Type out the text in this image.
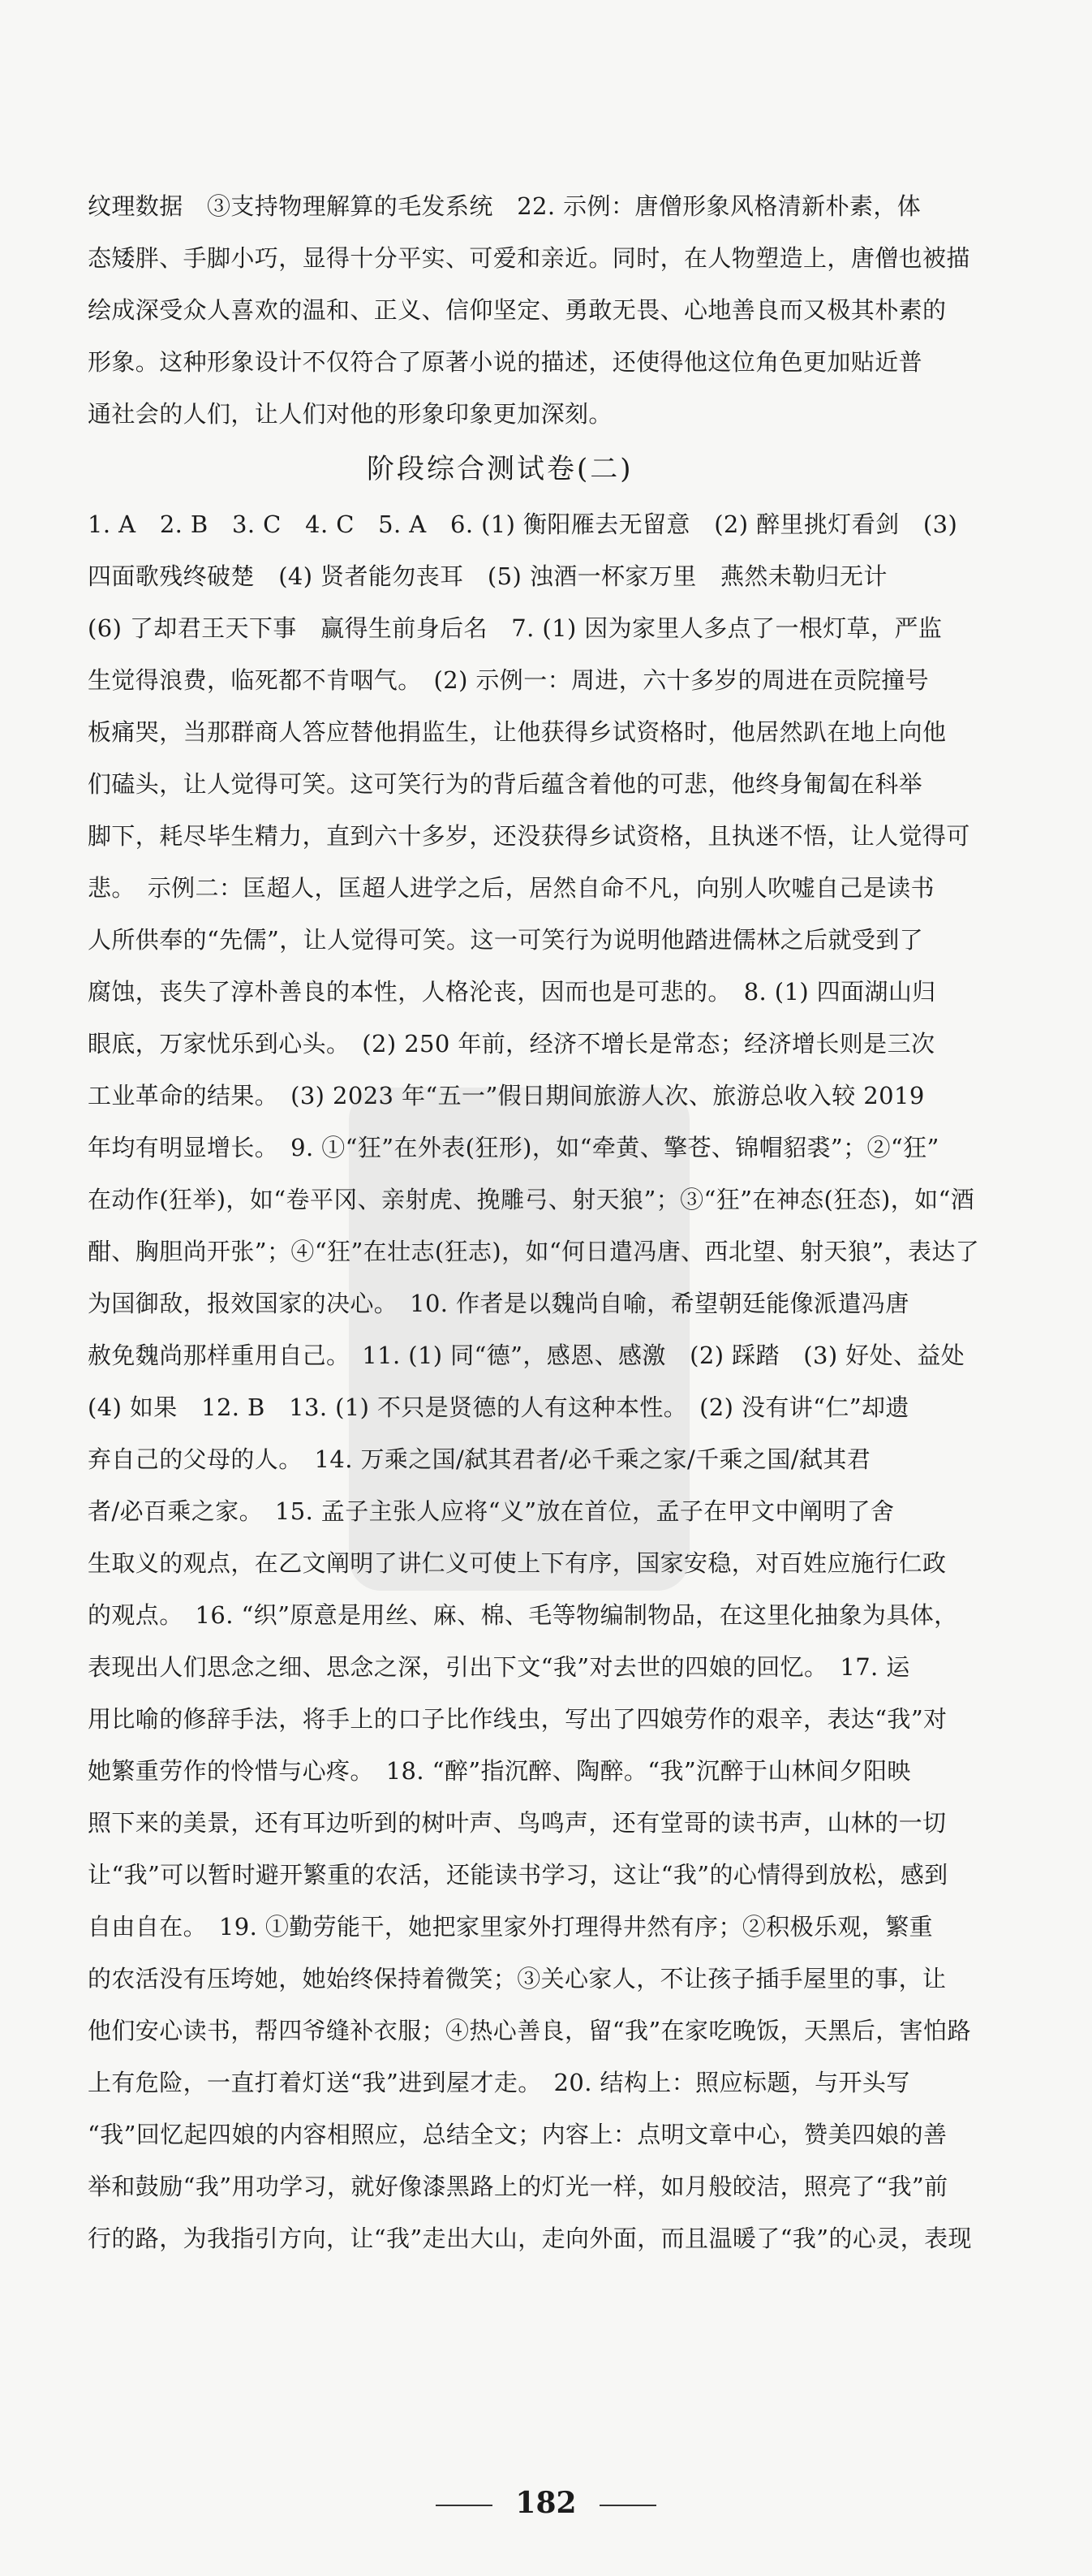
纹理数据　③支持物理解算的毛发系统　22. 示例：唐僧形象风格清新朴素，体
态矮胖、手脚小巧，显得十分平实、可爱和亲近。同时，在人物塑造上，唐僧也被描
绘成深受众人喜欢的温和、正义、信仰坚定、勇敢无畏、心地善良而又极其朴素的
形象。这种形象设计不仅符合了原著小说的描述，还使得他这位角色更加贴近普
通社会的人们，让人们对他的形象印象更加深刻。
阶段综合测试卷(二)
1. A　2. B　3. C　4. C　5. A　6. (1) 衡阳雁去无留意　(2) 醉里挑灯看剑　(3)
四面歌残终破楚　(4) 贤者能勿丧耳　(5) 浊酒一杯家万里　燕然未勒归无计
(6) 了却君王天下事　赢得生前身后名　7. (1) 因为家里人多点了一根灯草，严监
生觉得浪费，临死都不肯咽气。　(2) 示例一：周进，六十多岁的周进在贡院撞号
板痛哭，当那群商人答应替他捐监生，让他获得乡试资格时，他居然趴在地上向他
们磕头，让人觉得可笑。这可笑行为的背后蕴含着他的可悲，他终身匍匐在科举
脚下，耗尽毕生精力，直到六十多岁，还没获得乡试资格，且执迷不悟，让人觉得可
悲。　示例二：匡超人，匡超人进学之后，居然自命不凡，向别人吹嘘自己是读书
人所供奉的“先儒”，让人觉得可笑。这一可笑行为说明他踏进儒林之后就受到了
腐蚀，丧失了淳朴善良的本性，人格沦丧，因而也是可悲的。　8. (1) 四面湖山归
眼底，万家忧乐到心头。　(2) 250 年前，经济不增长是常态；经济增长则是三次
工业革命的结果。　(3) 2023 年“五一”假日期间旅游人次、旅游总收入较 2019
年均有明显增长。　9. ①“狂”在外表(狂形)，如“牵黄、擎苍、锦帽貂裘”；②“狂”
在动作(狂举)，如“卷平冈、亲射虎、挽雕弓、射天狼”；③“狂”在神态(狂态)，如“酒
酣、胸胆尚开张”；④“狂”在壮志(狂志)，如“何日遣冯唐、西北望、射天狼”，表达了
为国御敌，报效国家的决心。　10. 作者是以魏尚自喻，希望朝廷能像派遣冯唐
赦免魏尚那样重用自己。　11. (1) 同“德”，感恩、感激　(2) 踩踏　(3) 好处、益处
(4) 如果　12. B　13. (1) 不只是贤德的人有这种本性。　(2) 没有讲“仁”却遗
弃自己的父母的人。　14. 万乘之国/弑其君者/必千乘之家/千乘之国/弑其君
者/必百乘之家。　15. 孟子主张人应将“义”放在首位，孟子在甲文中阐明了舍
生取义的观点，在乙文阐明了讲仁义可使上下有序，国家安稳，对百姓应施行仁政
的观点。　16. “织”原意是用丝、麻、棉、毛等物编制物品，在这里化抽象为具体，
表现出人们思念之细、思念之深，引出下文“我”对去世的四娘的回忆。　17. 运
用比喻的修辞手法，将手上的口子比作线虫，写出了四娘劳作的艰辛，表达“我”对
她繁重劳作的怜惜与心疼。　18. “醉”指沉醉、陶醉。“我”沉醉于山林间夕阳映
照下来的美景，还有耳边听到的树叶声、鸟鸣声，还有堂哥的读书声，山林的一切
让“我”可以暂时避开繁重的农活，还能读书学习，这让“我”的心情得到放松，感到
自由自在。　19. ①勤劳能干，她把家里家外打理得井然有序；②积极乐观，繁重
的农活没有压垮她，她始终保持着微笑；③关心家人，不让孩子插手屋里的事，让
他们安心读书，帮四爷缝补衣服；④热心善良，留“我”在家吃晚饭，天黑后，害怕路
上有危险，一直打着灯送“我”进到屋才走。　20. 结构上：照应标题，与开头写
“我”回忆起四娘的内容相照应，总结全文；内容上：点明文章中心，赞美四娘的善
举和鼓励“我”用功学习，就好像漆黑路上的灯光一样，如月般皎洁，照亮了“我”前
行的路，为我指引方向，让“我”走出大山，走向外面，而且温暖了“我”的心灵，表现
182
